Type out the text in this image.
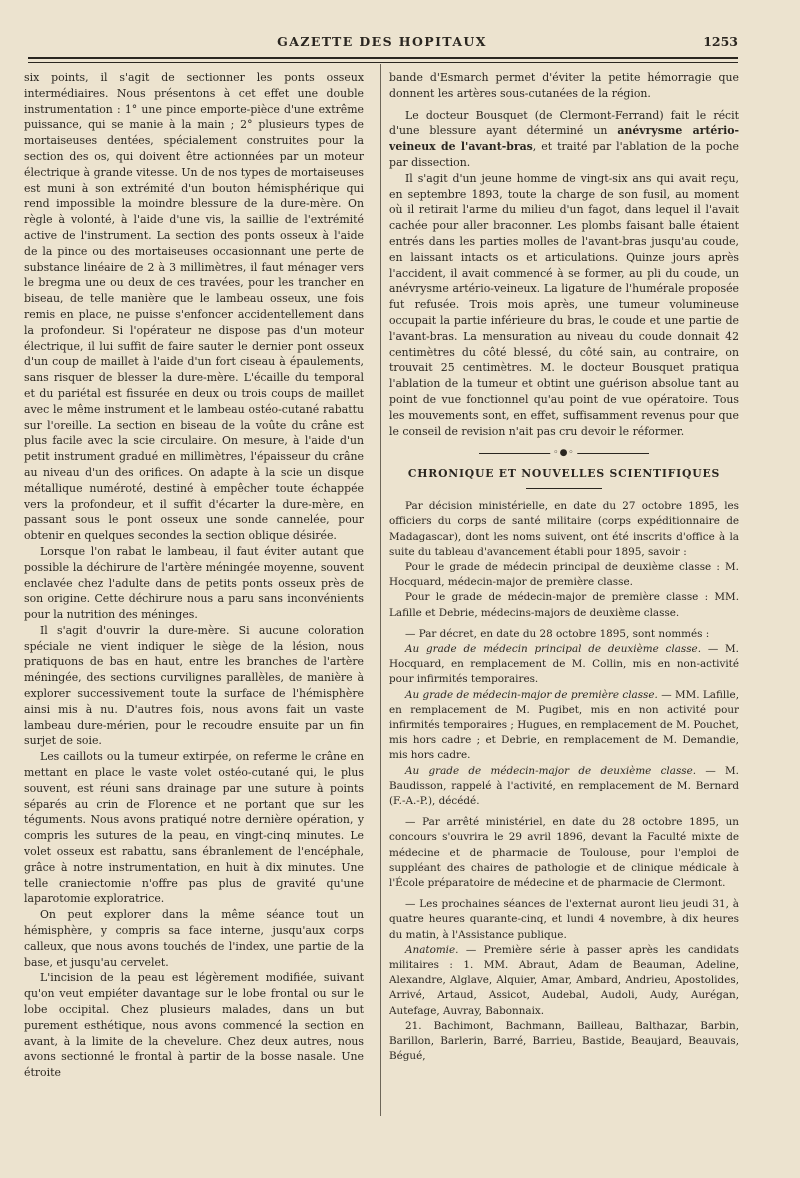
GAZETTE DES HOPITAUX	1253

six points, il s'agit de sectionner les ponts osseux intermédiaires. Nous présentons à cet effet une double instrumentation : 1° une pince emporte-pièce d'une extrême puissance, qui se manie à la main ; 2° plusieurs types de mortaiseuses dentées, spécialement construites pour la section des os, qui doivent être actionnées par un moteur électrique à grande vitesse. Un de nos types de mortaiseuses est muni à son extrémité d'un bouton hémisphérique qui rend impossible la moindre blessure de la dure-mère. On règle à volonté, à l'aide d'une vis, la saillie de l'extrémité active de l'instrument. La section des ponts osseux à l'aide de la pince ou des mortaiseuses occasionnant une perte de substance linéaire de 2 à 3 millimètres, il faut ménager vers le bregma une ou deux de ces travées, pour les trancher en biseau, de telle manière que le lambeau osseux, une fois remis en place, ne puisse s'enfoncer accidentellement dans la profondeur. Si l'opérateur ne dispose pas d'un moteur électrique, il lui suffit de faire sauter le dernier pont osseux d'un coup de maillet à l'aide d'un fort ciseau à épaulements, sans risquer de blesser la dure-mère. L'écaille du temporal et du pariétal est fissurée en deux ou trois coups de maillet avec le même instrument et le lambeau ostéo-cutané rabattu sur l'oreille. La section en biseau de la voûte du crâne est plus facile avec la scie circulaire. On mesure, à l'aide d'un petit instrument gradué en millimètres, l'épaisseur du crâne au niveau d'un des orifices. On adapte à la scie un disque métallique numéroté, destiné à empêcher toute échappée vers la profondeur, et il suffit d'écarter la dure-mère, en passant sous le pont osseux une sonde cannelée, pour obtenir en quelques secondes la section oblique désirée.

Lorsque l'on rabat le lambeau, il faut éviter autant que possible la déchirure de l'artère méningée moyenne, souvent enclavée chez l'adulte dans de petits ponts osseux près de son origine. Cette déchirure nous a paru sans inconvénients pour la nutrition des méninges.

Il s'agit d'ouvrir la dure-mère. Si aucune coloration spéciale ne vient indiquer le siège de la lésion, nous pratiquons de bas en haut, entre les branches de l'artère méningée, des sections curvilignes parallèles, de manière à explorer successivement toute la surface de l'hémisphère ainsi mis à nu. D'autres fois, nous avons fait un vaste lambeau dure-mérien, pour le recoudre ensuite par un fin surjet de soie.

Les caillots ou la tumeur extirpée, on referme le crâne en mettant en place le vaste volet ostéo-cutané qui, le plus souvent, est réuni sans drainage par une suture à points séparés au crin de Florence et ne portant que sur les téguments. Nous avons pratiqué notre dernière opération, y compris les sutures de la peau, en vingt-cinq minutes. Le volet osseux est rabattu, sans ébranlement de l'encéphale, grâce à notre instrumentation, en huit à dix minutes. Une telle craniectomie n'offre pas plus de gravité qu'une laparotomie exploratrice.

On peut explorer dans la même séance tout un hémisphère, y compris sa face interne, jusqu'aux corps calleux, que nous avons touchés de l'index, une partie de la base, et jusqu'au cervelet.

L'incision de la peau est légèrement modifiée, suivant qu'on veut empiéter davantage sur le lobe frontal ou sur le lobe occipital. Chez plusieurs malades, dans un but purement esthétique, nous avons commencé la section en avant, à la limite de la chevelure. Chez deux autres, nous avons sectionné le frontal à partir de la bosse nasale. Une étroite

bande d'Esmarch permet d'éviter la petite hémorragie que donnent les artères sous-cutanées de la région.

Le docteur Bousquet (de Clermont-Ferrand) fait le récit d'une blessure ayant déterminé un anévrysme artério-veineux de l'avant-bras, et traité par l'ablation de la poche par dissection.

Il s'agit d'un jeune homme de vingt-six ans qui avait reçu, en septembre 1893, toute la charge de son fusil, au moment où il retirait l'arme du milieu d'un fagot, dans lequel il l'avait cachée pour aller braconner. Les plombs faisant balle étaient entrés dans les parties molles de l'avant-bras jusqu'au coude, en laissant intacts os et articulations. Quinze jours après l'accident, il avait commencé à se former, au pli du coude, un anévrysme artério-veineux. La ligature de l'humérale proposée fut refusée. Trois mois après, une tumeur volumineuse occupait la partie inférieure du bras, le coude et une partie de l'avant-bras. La mensuration au niveau du coude donnait 42 centimètres du côté blessé, du côté sain, au contraire, on trouvait 25 centimètres. M. le docteur Bousquet pratiqua l'ablation de la tumeur et obtint une guérison absolue tant au point de vue fonctionnel qu'au point de vue opératoire. Tous les mouvements sont, en effet, suffisamment revenus pour que le conseil de revision n'ait pas cru devoir le réformer.

◦●◦
CHRONIQUE ET NOUVELLES SCIENTIFIQUES

Par décision ministérielle, en date du 27 octobre 1895, les officiers du corps de santé militaire (corps expéditionnaire de Madagascar), dont les noms suivent, ont été inscrits d'office à la suite du tableau d'avancement établi pour 1895, savoir :

Pour le grade de médecin principal de deuxième classe : M. Hocquard, médecin-major de première classe.

Pour le grade de médecin-major de première classe : MM. Lafille et Debrie, médecins-majors de deuxième classe.

— Par décret, en date du 28 octobre 1895, sont nommés :

Au grade de médecin principal de deuxième classe. — M. Hocquard, en remplacement de M. Collin, mis en non-activité pour infirmités temporaires.

Au grade de médecin-major de première classe. — MM. Lafille, en remplacement de M. Pugibet, mis en non activité pour infirmités temporaires ; Hugues, en remplacement de M. Pouchet, mis hors cadre ; et Debrie, en remplacement de M. Demandie, mis hors cadre.

Au grade de médecin-major de deuxième classe. — M. Baudisson, rappelé à l'activité, en remplacement de M. Bernard (F.-A.-P.), décédé.

— Par arrêté ministériel, en date du 28 octobre 1895, un concours s'ouvrira le 29 avril 1896, devant la Faculté mixte de médecine et de pharmacie de Toulouse, pour l'emploi de suppléant des chaires de pathologie et de clinique médicale à l'École préparatoire de médecine et de pharmacie de Clermont.

— Les prochaines séances de l'externat auront lieu jeudi 31, à quatre heures quarante-cinq, et lundi 4 novembre, à dix heures du matin, à l'Assistance publique.

Anatomie. — Première série à passer après les candidats militaires : 1. MM. Abraut, Adam de Beauman, Adeline, Alexandre, Alglave, Alquier, Amar, Ambard, Andrieu, Apostolides, Arrivé, Artaud, Assicot, Audebal, Audoli, Audy, Aurégan, Autefage, Auvray, Babonnaix.

21. Bachimont, Bachmann, Bailleau, Balthazar, Barbin, Barillon, Barlerin, Barré, Barrieu, Bastide, Beaujard, Beauvais, Bégué,
